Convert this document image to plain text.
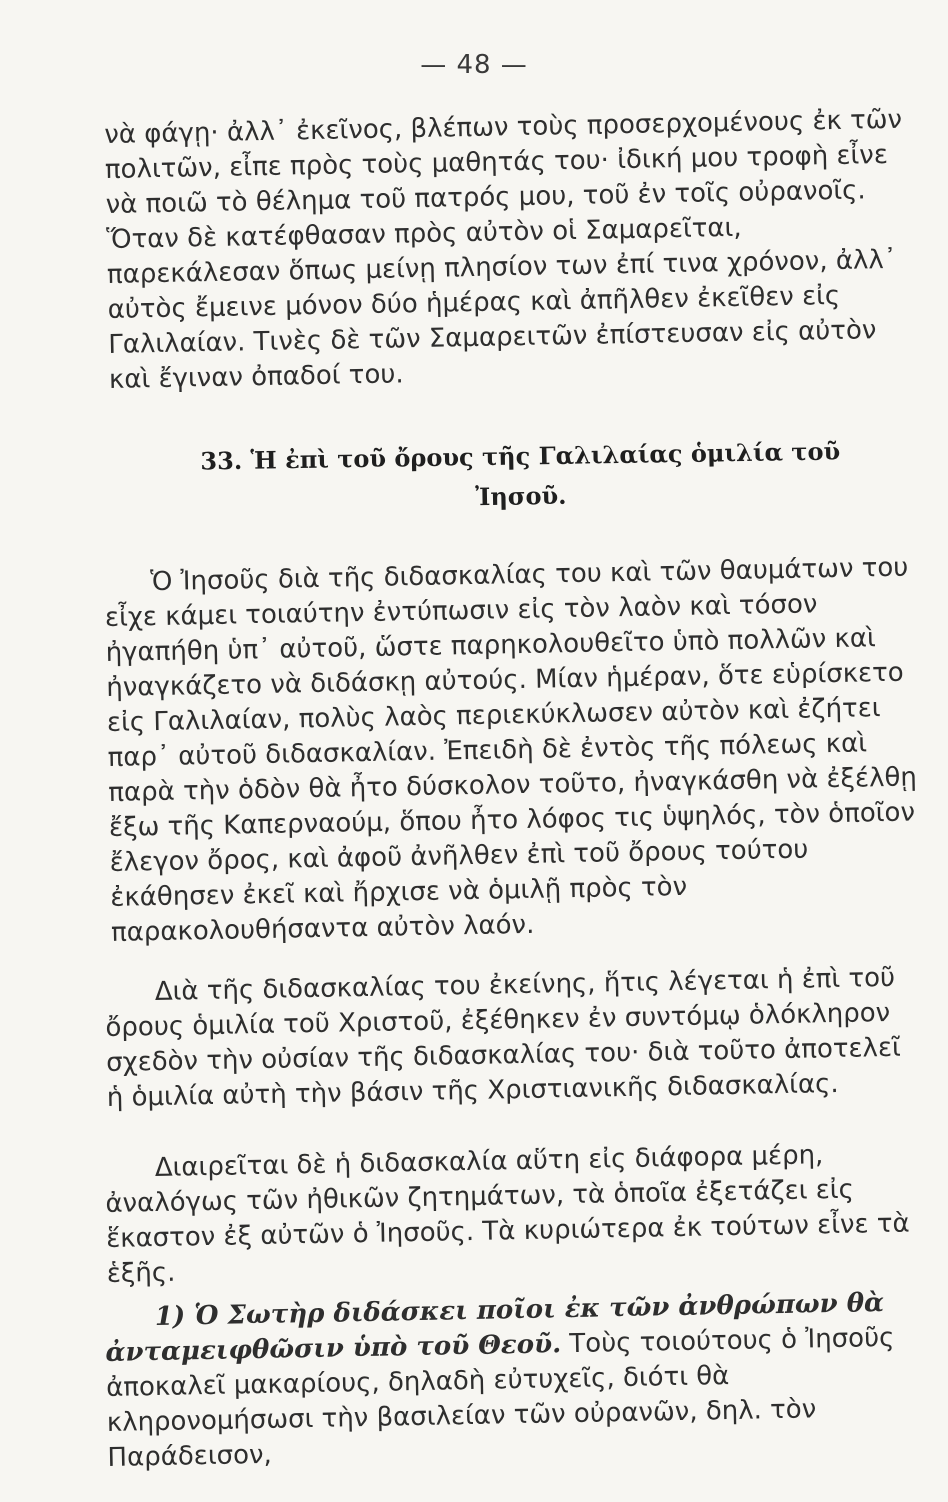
— 48 —

νὰ φάγῃ· ἀλλ᾿ ἐκεῖνος, βλέπων τοὺς προσερχομένους ἐκ τῶν πολιτῶν, εἶπε πρὸς τοὺς μαθητάς του· ἰδική μου τροφὴ εἶνε νὰ ποιῶ τὸ θέλημα τοῦ πατρός μου, τοῦ ἐν τοῖς οὐρανοῖς. Ὅταν δὲ κατέφθασαν πρὸς αὐτὸν οἱ Σαμαρεῖται, παρεκάλεσαν ὅπως μείνῃ πλησίον των ἐπί τινα χρόνον, ἀλλ᾿ αὐτὸς ἔμεινε μόνον δύο ἡμέρας καὶ ἀπῆλθεν ἐκεῖθεν εἰς Γαλιλαίαν. Τινὲς δὲ τῶν Σαμαρειτῶν ἐπίστευσαν εἰς αὐτὸν καὶ ἔγιναν ὀπαδοί του.

33. Ἡ ἐπὶ τοῦ ὄρους τῆς Γαλιλαίας ὁμιλία τοῦ Ἰησοῦ.

Ὁ Ἰησοῦς διὰ τῆς διδασκαλίας του καὶ τῶν θαυμάτων του εἶχε κάμει τοιαύτην ἐντύπωσιν εἰς τὸν λαὸν καὶ τόσον ἠγαπήθη ὑπ᾿ αὐτοῦ, ὥστε παρηκολουθεῖτο ὑπὸ πολλῶν καὶ ἠναγκάζετο νὰ διδάσκῃ αὐτούς. Μίαν ἡμέραν, ὅτε εὑρίσκετο εἰς Γαλιλαίαν, πολὺς λαὸς περιεκύκλωσεν αὐτὸν καὶ ἐζήτει παρ᾿ αὐτοῦ διδασκαλίαν. Ἐπειδὴ δὲ ἐντὸς τῆς πόλεως καὶ παρὰ τὴν ὁδὸν θὰ ἦτο δύσκολον τοῦτο, ἠναγκάσθη νὰ ἐξέλθῃ ἔξω τῆς Καπερναούμ, ὅπου ἦτο λόφος τις ὑψηλός, τὸν ὁποῖον ἔλεγον ὄρος, καὶ ἀφοῦ ἀνῆλθεν ἐπὶ τοῦ ὄρους τούτου ἐκάθησεν ἐκεῖ καὶ ἤρχισε νὰ ὁμιλῇ πρὸς τὸν παρακολουθήσαντα αὐτὸν λαόν.

Διὰ τῆς διδασκαλίας του ἐκείνης, ἥτις λέγεται ἡ ἐπὶ τοῦ ὄρους ὁμιλία τοῦ Χριστοῦ, ἐξέθηκεν ἐν συντόμῳ ὁλόκληρον σχεδὸν τὴν οὐσίαν τῆς διδασκαλίας του· διὰ τοῦτο ἀποτελεῖ ἡ ὁμιλία αὐτὴ τὴν βάσιν τῆς Χριστιανικῆς διδασκαλίας.

Διαιρεῖται δὲ ἡ διδασκαλία αὕτη εἰς διάφορα μέρη, ἀναλόγως τῶν ἠθικῶν ζητημάτων, τὰ ὁποῖα ἐξετάζει εἰς ἕκαστον ἐξ αὐτῶν ὁ Ἰησοῦς. Τὰ κυριώτερα ἐκ τούτων εἶνε τὰ ἑξῆς.

1) Ὁ Σωτὴρ διδάσκει ποῖοι ἐκ τῶν ἀνθρώπων θὰ ἀνταμειφθῶσιν ὑπὸ τοῦ Θεοῦ. Τοὺς τοιούτους ὁ Ἰησοῦς ἀποκαλεῖ μακαρίους, δηλαδὴ εὐτυχεῖς, διότι θὰ κληρονομήσωσι τὴν βασιλείαν τῶν οὐρανῶν, δηλ. τὸν Παράδεισον,
